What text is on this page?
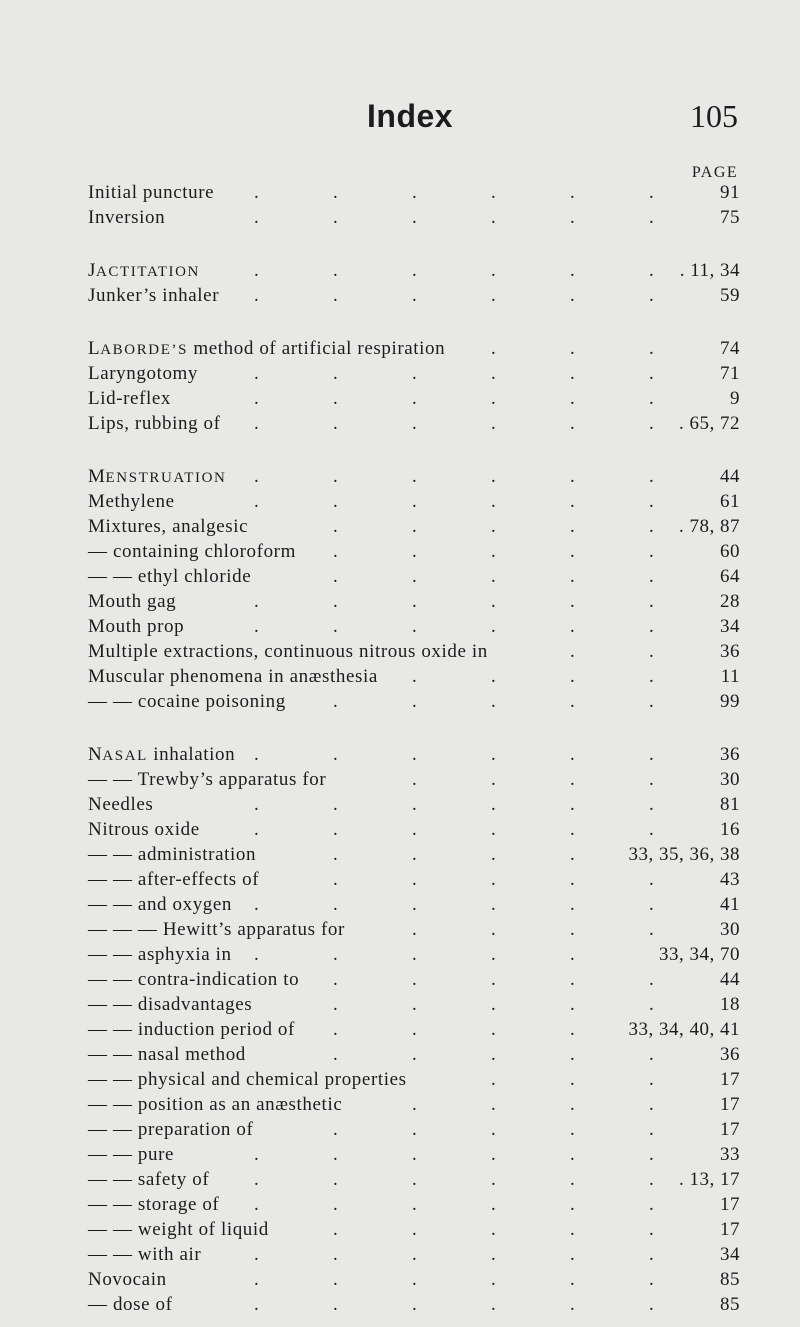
Index	105
PAGE
Initial puncture	91
. . . . . .
Inversion	75
. . . . . .
JACTITATION	. 11, 34
. . . . . .
Junker’s inhaler	59
. . . . . .
LABORDE’S method of artificial respiration	74
. . .
Laryngotomy	71
. . . . . .
Lid-reflex	9
. . . . . .
Lips, rubbing of	. 65, 72
. . . . . .
MENSTRUATION	44
. . . . . .
Methylene	61
. . . . . .
Mixtures, analgesic	. 78, 87
. . . . .
— containing chloroform	60
. . . . .
— — ethyl chloride	64
. . . . .
Mouth gag	28
. . . . . .
Mouth prop	34
. . . . . .
Multiple extractions, continuous nitrous oxide in	36
. .
Muscular phenomena in anæsthesia	11
. . . .
— — cocaine poisoning	99
. . . . .
NASAL inhalation	36
. . . . . .
— — Trewby’s apparatus for	30
. . . .
Needles	81
. . . . . .
Nitrous oxide	16
. . . . . .
— — administration	33, 35, 36, 38
. . . .
— — after-effects of	43
. . . . .
— — and oxygen	41
. . . . . .
— — — Hewitt’s apparatus for	30
. . . .
— — asphyxia in	33, 34, 70
. . . . .
— — contra-indication to	44
. . . . .
— — disadvantages	18
. . . . .
— — induction period of	33, 34, 40, 41
. . . .
— — nasal method	36
. . . . .
— — physical and chemical properties	17
. . .
— — position as an anæsthetic	17
. . . .
— — preparation of	17
. . . . .
— — pure	33
. . . . . .
— — safety of	. 13, 17
. . . . . .
— — storage of	17
. . . . . .
— — weight of liquid	17
. . . . .
— — with air	34
. . . . . .
Novocain	85
. . . . . .
— dose of	85
. . . . . .
